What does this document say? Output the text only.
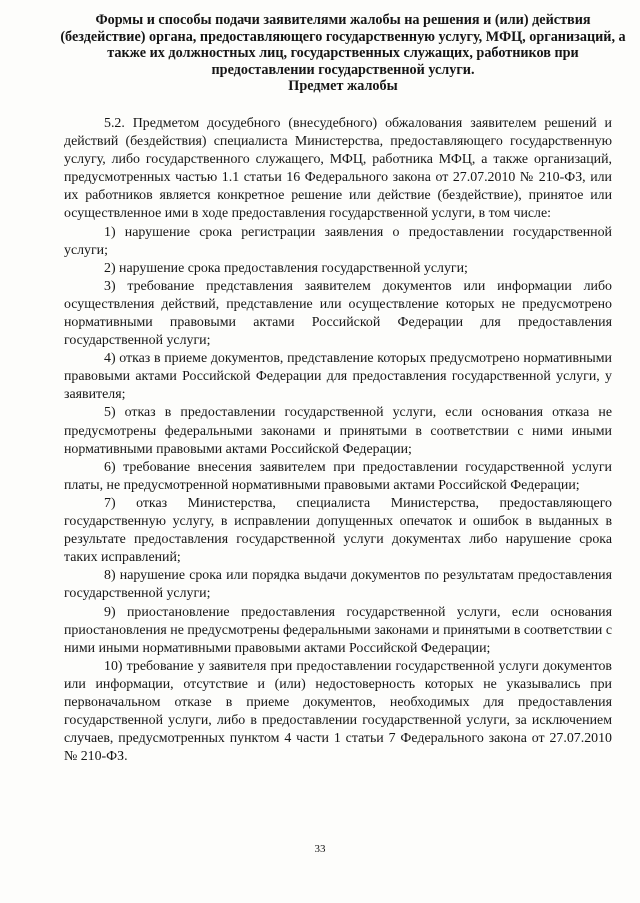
Формы и способы подачи заявителями жалобы на решения и (или) действия (бездействие) органа, предоставляющего государственную услугу, МФЦ, организаций, а также их должностных лиц, государственных служащих, работников при предоставлении государственной услуги.
Предмет жалобы

5.2. Предметом досудебного (внесудебного) обжалования заявителем решений и действий (бездействия) специалиста Министерства, предоставляющего государственную услугу, либо государственного служащего, МФЦ, работника МФЦ, а также организаций, предусмотренных частью 1.1 статьи 16 Федерального закона от 27.07.2010 № 210-ФЗ, или их работников является конкретное решение или действие (бездействие), принятое или осуществленное ими в ходе предоставления государственной услуги, в том числе:

1) нарушение срока регистрации заявления о предоставлении государственной услуги;

2) нарушение срока предоставления государственной услуги;

3) требование представления заявителем документов или информации либо осуществления действий, представление или осуществление которых не предусмотрено нормативными правовыми актами Российской Федерации для предоставления государственной услуги;

4) отказ в приеме документов, представление которых предусмотрено нормативными правовыми актами Российской Федерации для предоставления государственной услуги, у заявителя;

5) отказ в предоставлении государственной услуги, если основания отказа не предусмотрены федеральными законами и принятыми в соответствии с ними иными нормативными правовыми актами Российской Федерации;

6) требование внесения заявителем при предоставлении государственной услуги платы, не предусмотренной нормативными правовыми актами Российской Федерации;

7) отказ Министерства, специалиста Министерства, предоставляющего государственную услугу, в исправлении допущенных опечаток и ошибок в выданных в результате предоставления государственной услуги документах либо нарушение срока таких исправлений;

8) нарушение срока или порядка выдачи документов по результатам предоставления государственной услуги;

9) приостановление предоставления государственной услуги, если основания приостановления не предусмотрены федеральными законами и принятыми в соответствии с ними иными нормативными правовыми актами Российской Федерации;

10) требование у заявителя при предоставлении государственной услуги документов или информации, отсутствие и (или) недостоверность которых не указывались при первоначальном отказе в приеме документов, необходимых для предоставления государственной услуги, либо в предоставлении государственной услуги, за исключением случаев, предусмотренных пунктом 4 части 1 статьи 7 Федерального закона от 27.07.2010 № 210-ФЗ.

33
